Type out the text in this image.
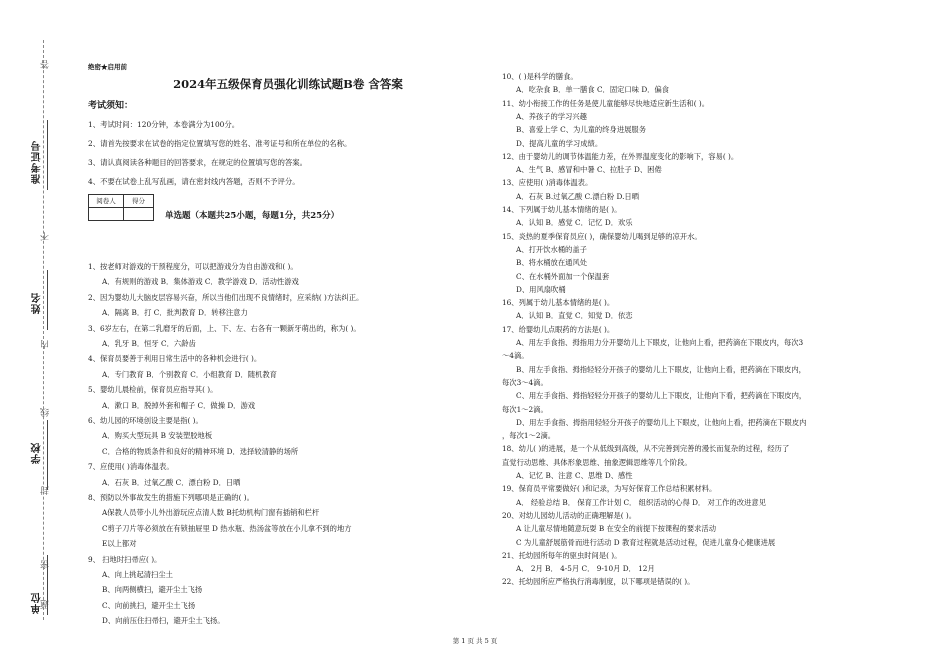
答
准考证号
不
姓名
内
线
学校
封
密
单位
题
绝密★启用前
2024年五级保育员强化训练试题B卷 含答案
考试须知：
1、考试时间：120分钟，本卷满分为100分。
2、请首先按要求在试卷的指定位置填写您的姓名、准考证号和所在单位的名称。
3、请认真阅读各种题目的回答要求，在规定的位置填写您的答案。
4、不要在试卷上乱写乱画，请在密封线内答题，否则不予评分。
阅卷人	得分
单选题（本题共25小题，每题1分，共25分）
1、按老师对游戏的干预程度分，可以把游戏分为自由游戏和( )。
A．有规则的游戏 B．集体游戏 C．教学游戏 D．活动性游戏
2、因为婴幼儿大脑皮层容易兴奋，所以当他们出现不良情绪时，应采纳( )方法纠正。
A．隔离 B．打 C．批判教育 D．转移注意力
3、6岁左右，在第二乳磨牙的后面，上、下、左、右各有一颗新牙萌出的，称为( )。
A．乳牙 B．恒牙 C．六龄齿
4、保育员要善于利用日常生活中的各种机会进行( )。
A．专门教育 B．个别教育 C．小组教育 D．随机教育
5、婴幼儿晨检前，保育员应指导其( )。
A．漱口 B．脱掉外套和帽子 C．做操 D．游戏
6、幼儿园的环境创设主要是指( )。
A．购买大型玩具 B 安装塑胶地板
C．合格的物质条件和良好的精神环境 D．选择较清静的场所
7、应使用( )消毒体温表。
A．石灰 B．过氧乙酸 C．漂白粉 D．日晒
8、预防以外事故发生的措施下列哪项是正确的( )。
A保教人员带小儿外出游玩应点清人数 B托幼机构门窗有插销和栏杆
C剪子刀片等必须放在有锁抽屉里 D 热水瓶、热汤盆等放在小儿拿不到的地方
E以上都对
9、 扫地时扫帚应( )。
A、向上挑起清扫尘土
B、向两侧横扫，避开尘土飞扬
C、向前挑扫，避开尘土飞扬
D、向前压住扫帚扫，避开尘土飞扬。
10、( )是科学的膳食。
A．吃杂食 B．单一膳食 C．固定口味 D．偏食
11、幼小衔接工作的任务是使儿童能够尽快地适应新生活和( )。
A、养孩子的学习兴趣
B、喜爱上学 C、为儿童的终身进展服务
D、提高儿童的学习成绩。
12、由于婴幼儿的调节体温能力差，在外界温度变化的影响下，容易( )。
A、生气 B、感冒和中暑 C、拉肚子 D、困倦
13、应使用( )消毒体温表。
A．石灰 B.过氧乙酸 C.漂白粉 D.日晒
14、下列属于幼儿基本情绪的是( )。
A．认知 B．感觉 C．记忆 D．欢乐
15、炎热的夏季保育员应( )，确保婴幼儿喝到足够的凉开水。
A、打开饮水桶的盖子
B、将水桶放在通风处
C、在水桶外面加一个保温套
D、用风扇吹桶
16、列属于幼儿基本情绪的是( )。
A．认知 B．直觉 C．知觉 D．依恋
17、给婴幼儿点眼药的方法是( )。
A、用左手食指、拇指用力分开婴幼儿上下眼皮，让他向上看，把药滴在下眼皮内，每次3
～4滴。
B、用左手食指、拇指轻轻分开孩子的婴幼儿上下眼皮，让他向上看，把药滴在下眼皮内，
每次3～4滴。
C、用左手食指、拇指轻轻分开孩子的婴幼儿上下眼皮，让他向下看，把药滴在下眼皮内，
每次1～2滴。
D、用左手食指、拇指用轻轻分开孩子的婴幼儿上下眼皮，让他向上看，把药滴在下眼皮内
，每次1～2滴。
18、幼儿( )的进展，是一个从低级到高级，从不完善到完善的漫长而复杂的过程，经历了
直觉行动思维、具体形象思维、抽象逻辑思维等几个阶段。
A、记忆 B、注意 C、思维 D、感性
19、保育员平常要做好( )和记录，为写好保育工作总结积累材料。
A． 经验总结 B． 保育工作计划 C． 组织活动的心得 D． 对工作的改进意见
20、对幼儿园幼儿活动的正确理解是( )。
A 让儿童尽情地随意玩耍 B 在安全的前提下按课程的要求活动
C 为儿童舒展筋骨而进行活动 D 教育过程就是活动过程，促进儿童身心健康进展
21、托幼园所每年的驱虫时间是( )。
A． 2月 B． 4-5月 C． 9-10月 D． 12月
22、托幼园所应严格执行消毒制度，以下哪项是错误的( )。
第 1 页 共 5 页
